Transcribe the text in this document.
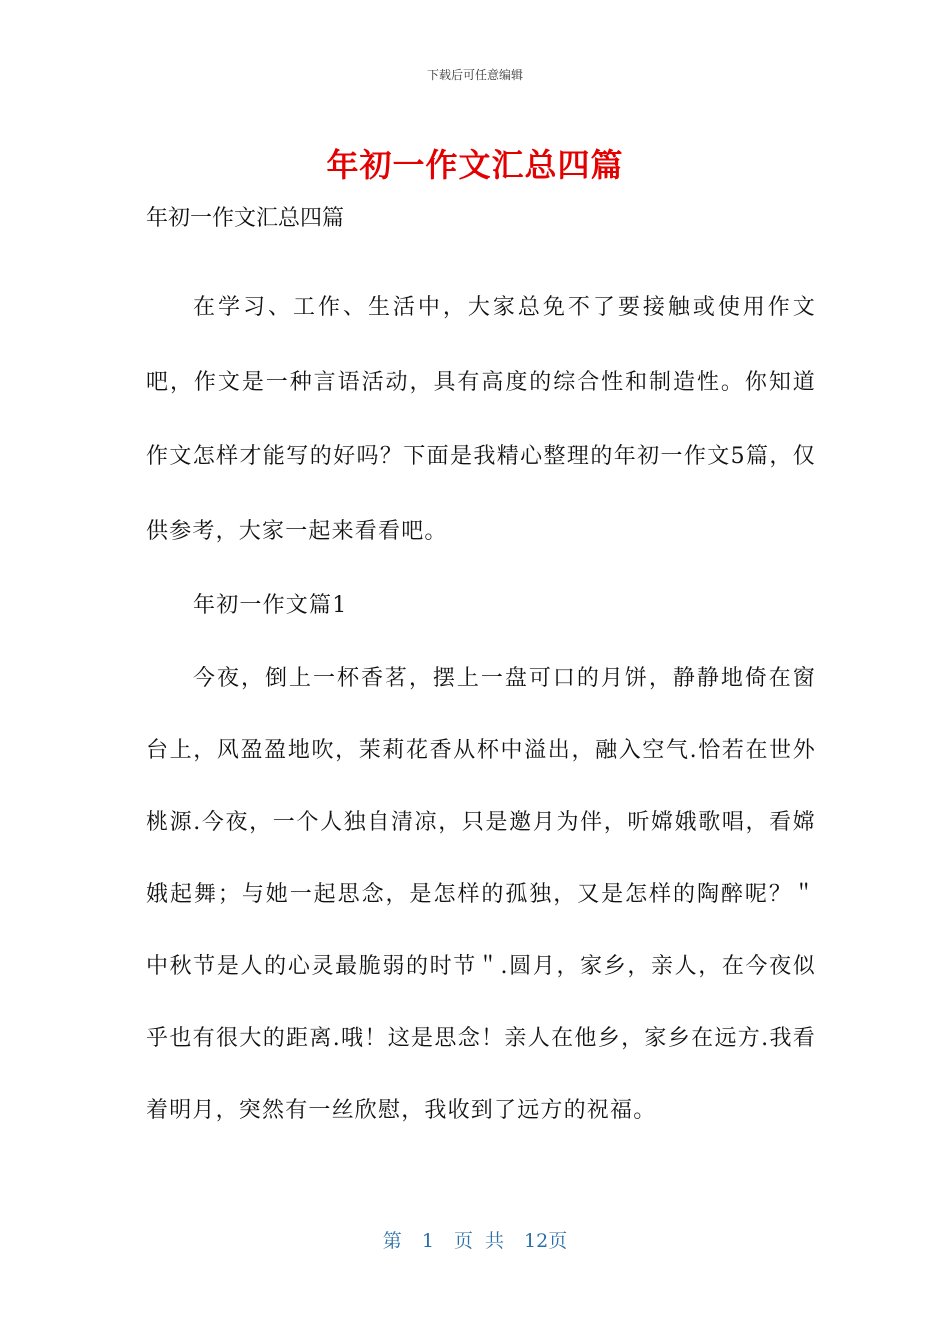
下载后可任意编辑
年初一作文汇总四篇

年初一作文汇总四篇

在学习、工作、生活中，大家总免不了要接触或使用作文吧，作文是一种言语活动，具有高度的综合性和制造性。你知道作文怎样才能写的好吗？下面是我精心整理的年初一作文5篇，仅供参考，大家一起来看看吧。

年初一作文篇1

今夜，倒上一杯香茗，摆上一盘可口的月饼，静静地倚在窗台上，风盈盈地吹，茉莉花香从杯中溢出，融入空气.恰若在世外桃源.今夜，一个人独自清凉，只是邀月为伴，听嫦娥歌唱，看嫦娥起舞；与她一起思念，是怎样的孤独，又是怎样的陶醉呢？＂中秋节是人的心灵最脆弱的时节＂.圆月，家乡，亲人，在今夜似乎也有很大的距离.哦！这是思念！亲人在他乡，家乡在远方.我看着明月，突然有一丝欣慰，我收到了远方的祝福。

第 1 页 共 12页
